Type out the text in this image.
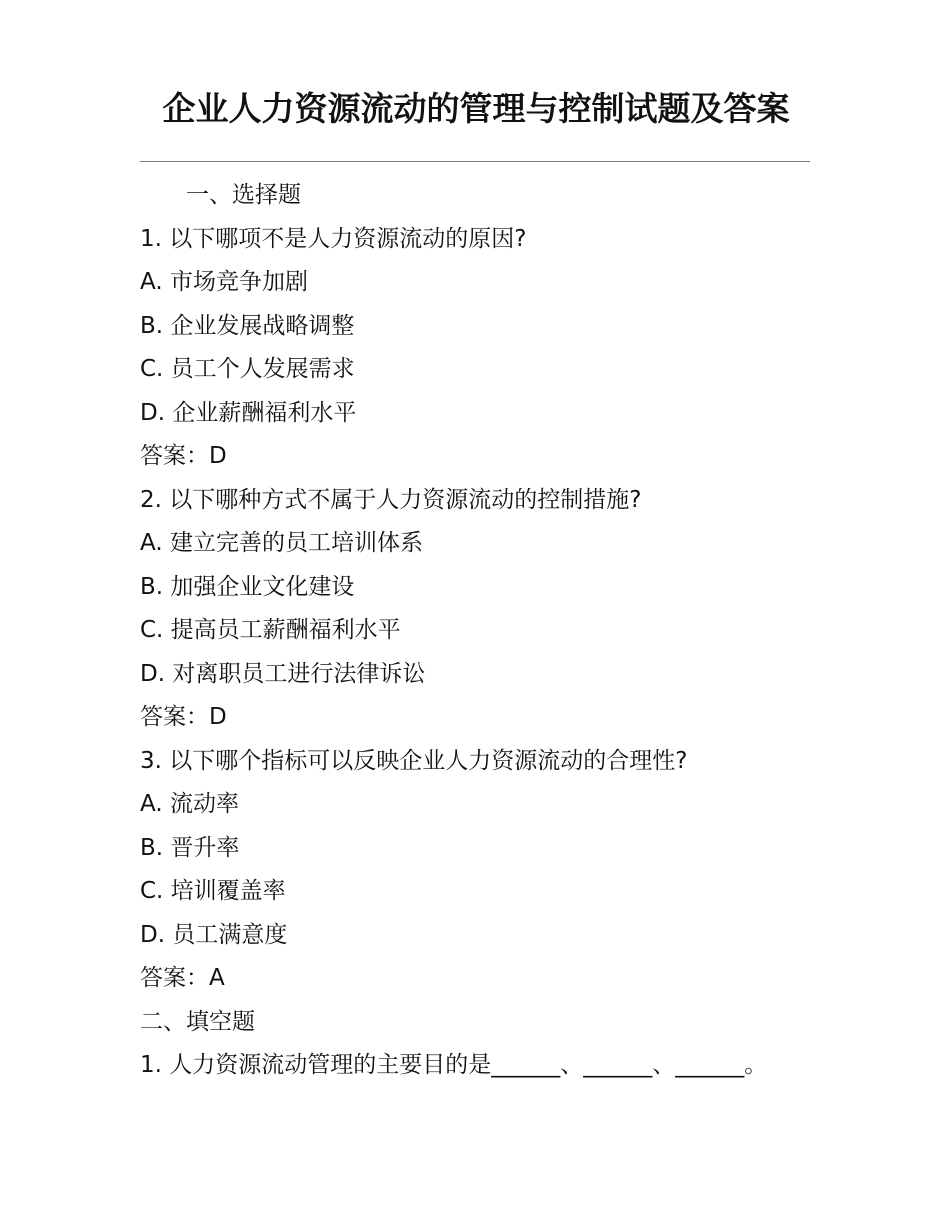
企业人力资源流动的管理与控制试题及答案

一、选择题

1. 以下哪项不是人力资源流动的原因?

A. 市场竞争加剧

B. 企业发展战略调整

C. 员工个人发展需求

D. 企业薪酬福利水平

答案：D

2. 以下哪种方式不属于人力资源流动的控制措施?

A. 建立完善的员工培训体系

B. 加强企业文化建设

C. 提高员工薪酬福利水平

D. 对离职员工进行法律诉讼

答案：D

3. 以下哪个指标可以反映企业人力资源流动的合理性?

A. 流动率

B. 晋升率

C. 培训覆盖率

D. 员工满意度

答案：A

二、填空题

1. 人力资源流动管理的主要目的是______、______、______。
